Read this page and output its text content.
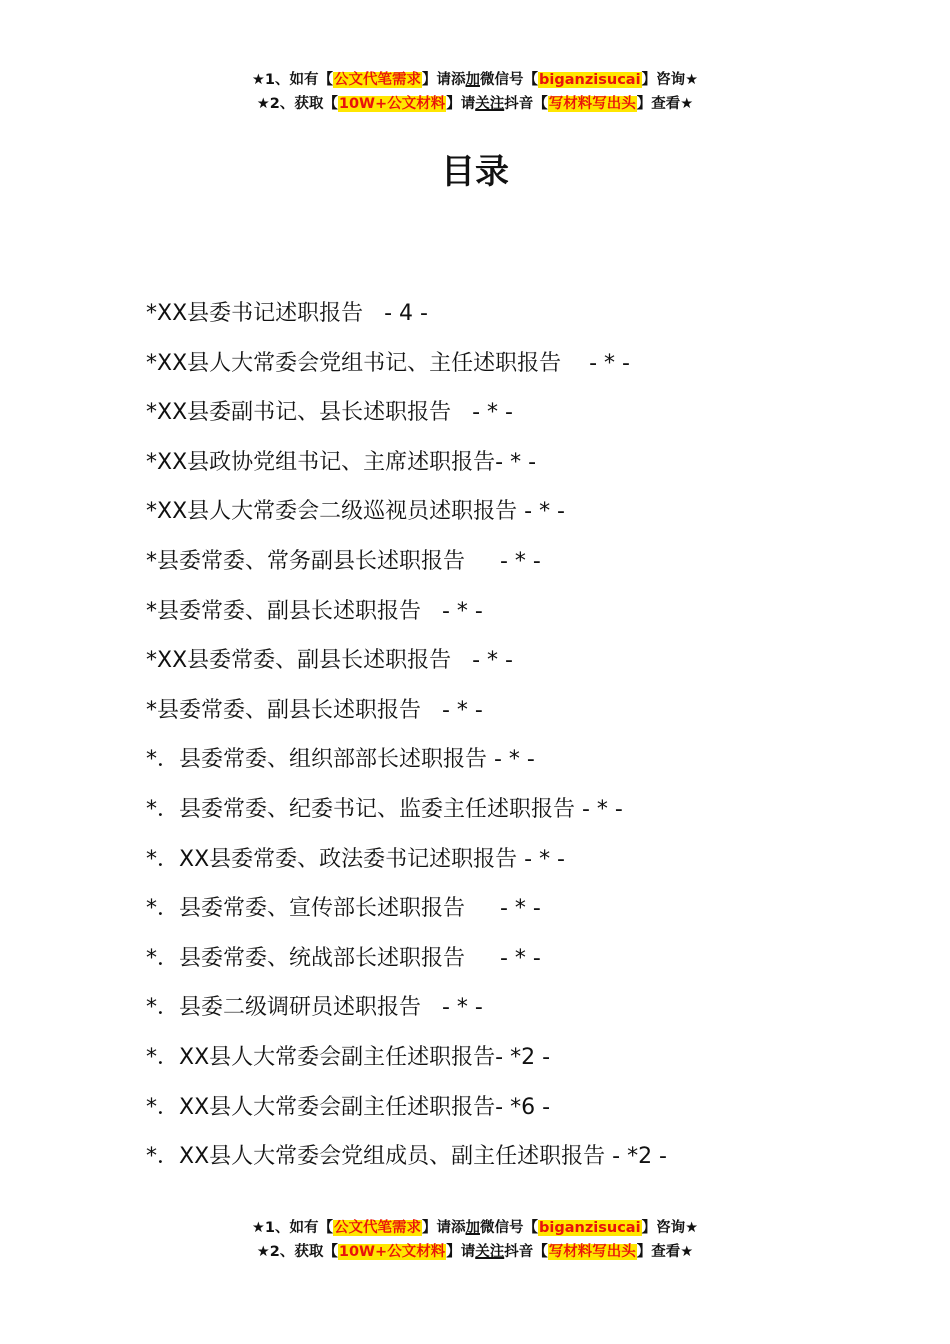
★1、如有【公文代笔需求】请添加微信号【biganzisucai】咨询★
★2、获取【10W+公文材料】请关注抖音【写材料写出头】查看★
目录
*XX县委书记述职报告   - 4 -
*XX县人大常委会党组书记、主任述职报告    - * -
*XX县委副书记、县长述职报告   - * -
*XX县政协党组书记、主席述职报告- * -
*XX县人大常委会二级巡视员述职报告 - * -
*县委常委、常务副县长述职报告     - * -
*县委常委、副县长述职报告   - * -
*XX县委常委、副县长述职报告   - * -
*县委常委、副县长述职报告   - * -
*．县委常委、组织部部长述职报告 - * -
*．县委常委、纪委书记、监委主任述职报告 - * -
*．XX县委常委、政法委书记述职报告 - * -
*．县委常委、宣传部长述职报告     - * -
*．县委常委、统战部长述职报告     - * -
*．县委二级调研员述职报告   - * -
*．XX县人大常委会副主任述职报告- *2 -
*．XX县人大常委会副主任述职报告- *6 -
*．XX县人大常委会党组成员、副主任述职报告 - *2 -
★1、如有【公文代笔需求】请添加微信号【biganzisucai】咨询★
★2、获取【10W+公文材料】请关注抖音【写材料写出头】查看★
